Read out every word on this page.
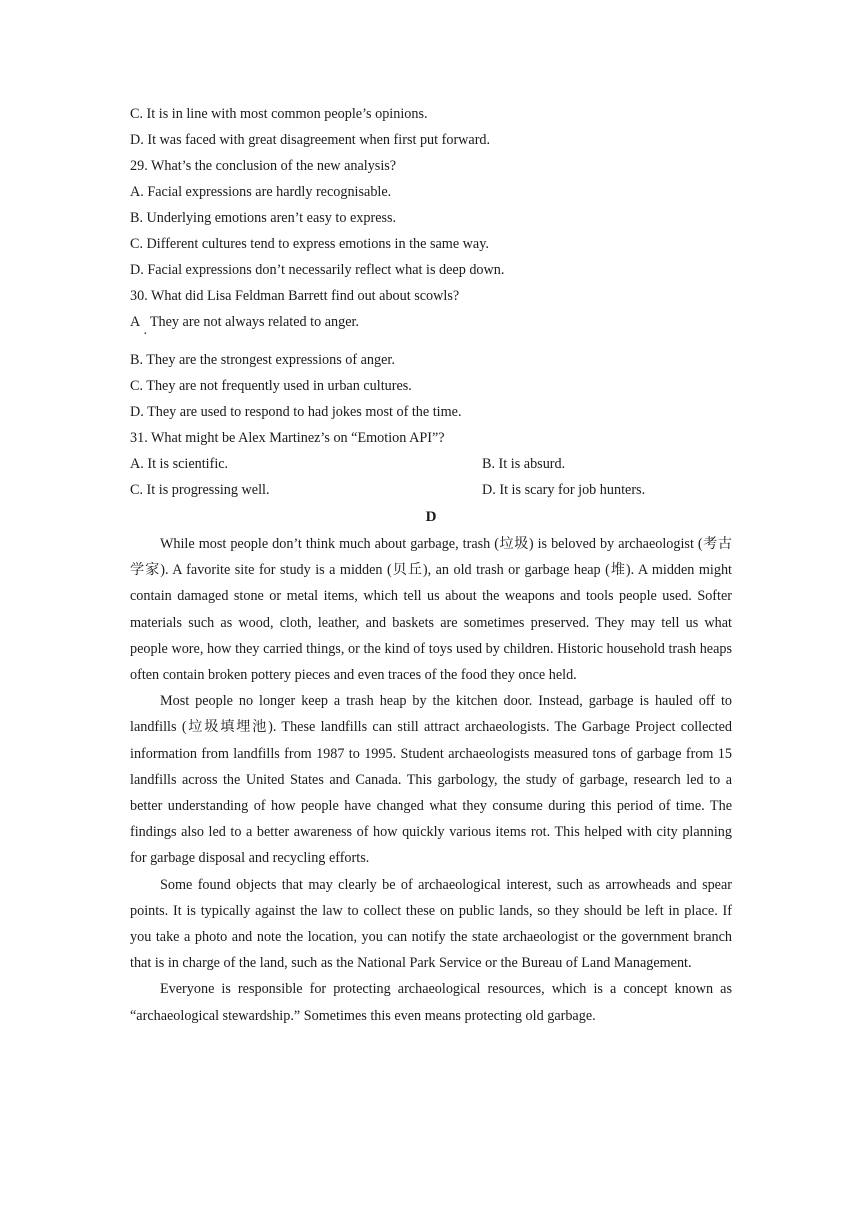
C. It is in line with most common people’s opinions.
D. It was faced with great disagreement when first put forward.
29. What’s the conclusion of the new analysis?
A. Facial expressions are hardly recognisable.
B. Underlying emotions aren’t easy to express.
C. Different cultures tend to express emotions in the same way.
D. Facial expressions don’t necessarily reflect what is deep down.
30. What did Lisa Feldman Barrett find out about scowls?
A   They are not always related to anger.
·
B. They are the strongest expressions of anger.
C. They are not frequently used in urban cultures.
D. They are used to respond to had jokes most of the time.
31. What might be Alex Martinez’s on “Emotion API”?
A. It is scientific.	B. It is absurd.
C. It is progressing well.	D. It is scary for job hunters.
D

While most people don’t think much about garbage, trash (垃圾) is beloved by archaeologist (考古学家). A favorite site for study is a midden (贝丘), an old trash or garbage heap (堆). A midden might contain damaged stone or metal items, which tell us about the weapons and tools people used. Softer materials such as wood, cloth, leather, and baskets are sometimes preserved. They may tell us what people wore, how they carried things, or the kind of toys used by children. Historic household trash heaps often contain broken pottery pieces and even traces of the food they once held.

Most people no longer keep a trash heap by the kitchen door. Instead, garbage is hauled off to landfills (垃圾填埋池). These landfills can still attract archaeologists. The Garbage Project collected information from landfills from 1987 to 1995. Student archaeologists measured tons of garbage from 15 landfills across the United States and Canada. This garbology, the study of garbage, research led to a better understanding of how people have changed what they consume during this period of time. The findings also led to a better awareness of how quickly various items rot. This helped with city planning for garbage disposal and recycling efforts.

Some found objects that may clearly be of archaeological interest, such as arrowheads and spear points. It is typically against the law to collect these on public lands, so they should be left in place. If you take a photo and note the location, you can notify the state archaeologist or the government branch that is in charge of the land, such as the National Park Service or the Bureau of Land Management.

Everyone is responsible for protecting archaeological resources, which is a concept known as “archaeological stewardship.” Sometimes this even means protecting old garbage.
